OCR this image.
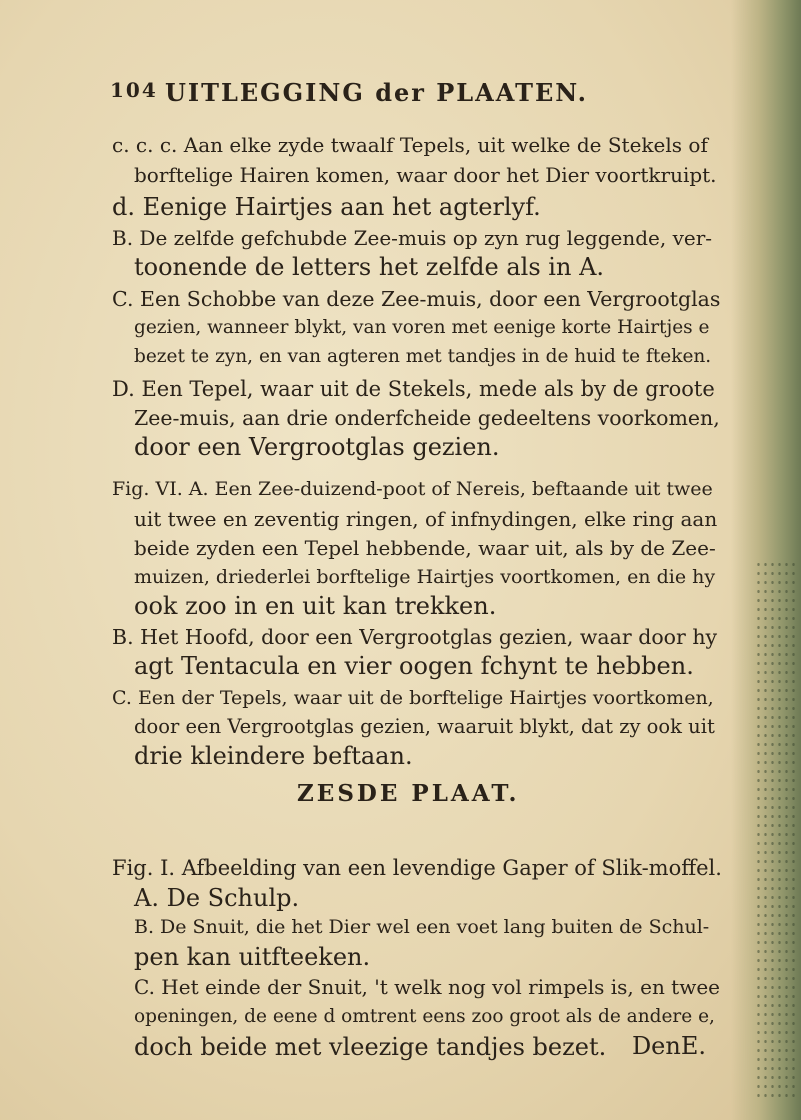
104 UITLEGGING der PLAATEN.
c. c. c. Aan elke zyde twaalf Tepels, uit welke de Stekels of
borftelige Hairen komen, waar door het Dier voortkruipt.
d. Eenige Hairtjes aan het agterlyf.
B. De zelfde gefchubde Zee-muis op zyn rug leggende, ver-
toonende de letters het zelfde als in A.
C. Een Schobbe van deze Zee-muis, door een Vergrootglas
gezien, wanneer blykt, van voren met eenige korte Hairtjes e
bezet te zyn, en van agteren met tandjes in de huid te fteken.
D. Een Tepel, waar uit de Stekels, mede als by de groote
Zee-muis, aan drie onderfcheide gedeeltens voorkomen,
door een Vergrootglas gezien.
Fig. VI. A. Een Zee-duizend-poot of Nereis, beftaande uit twee
uit twee en zeventig ringen, of infnydingen, elke ring aan
beide zyden een Tepel hebbende, waar uit, als by de Zee-
muizen, driederlei borftelige Hairtjes voortkomen, en die hy
ook zoo in en uit kan trekken.
B. Het Hoofd, door een Vergrootglas gezien, waar door hy
agt Tentacula en vier oogen fchynt te hebben.
C. Een der Tepels, waar uit de borftelige Hairtjes voortkomen,
door een Vergrootglas gezien, waaruit blykt, dat zy ook uit
drie kleindere beftaan.
ZESDE PLAAT.
Fig. I. Afbeelding van een levendige Gaper of Slik-moffel.
A. De Schulp.
B. De Snuit, die het Dier wel een voet lang buiten de Schul-
pen kan uitfteeken.
C. Het einde der Snuit, 't welk nog vol rimpels is, en twee
openingen, de eene d omtrent eens zoo groot als de andere e,
doch beide met vleezige tandjes bezet. DenE.
